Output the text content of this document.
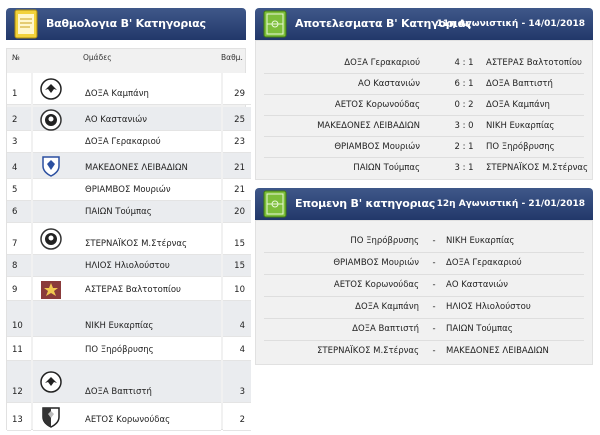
Βαθμολογια Β' Κατηγοριας
№	Ομάδες	Βαθμ.
1	ΔΟΞΑ Καμπάνη	29
2	ΑΟ Καστανιών	25
3	ΔΟΞΑ Γερακαριού	23
4	ΜΑΚΕΔΟΝΕΣ ΛΕΙΒΑΔΙΩΝ	21
5	ΘΡΙΑΜΒΟΣ Μουριών	21
6	ΠΑΙΩΝ Τούμπας	20
7	ΣΤΕΡΝΑΪΚΟΣ Μ.Στέρνας	15
8	ΗΛΙΟΣ Ηλιολούστου	15
9	ΑΣΤΕΡΑΣ Βαλτοτοπίου	10
10	ΝΙΚΗ Ευκαρπίας	4
11	ΠΟ Ξηρόβρυσης	4
12	ΔΟΞΑ Βαπτιστή	3
13	ΑΕΤΟΣ Κορωνούδας	2
Αποτελεσματα Β' Κατηγοριας
11η Αγωνιστική - 14/01/2018
ΔΟΞΑ Γερακαριού	4 : 1	ΑΣΤΕΡΑΣ Βαλτοτοπίου
ΑΟ Καστανιών	6 : 1	ΔΟΞΑ Βαπτιστή
ΑΕΤΟΣ Κορωνούδας	0 : 2	ΔΟΞΑ Καμπάνη
ΜΑΚΕΔΟΝΕΣ ΛΕΙΒΑΔΙΩΝ	3 : 0	ΝΙΚΗ Ευκαρπίας
ΘΡΙΑΜΒΟΣ Μουριών	2 : 1	ΠΟ Ξηρόβρυσης
ΠΑΙΩΝ Τούμπας	3 : 1	ΣΤΕΡΝΑΪΚΟΣ Μ.Στέρνας
Επομενη Β' κατηγοριας 12η Αγωνιστική - 21/01/2018
ΠΟ Ξηρόβρυσης	-	ΝΙΚΗ Ευκαρπίας
ΘΡΙΑΜΒΟΣ Μουριών	-	ΔΟΞΑ Γερακαριού
ΑΕΤΟΣ Κορωνούδας	-	ΑΟ Καστανιών
ΔΟΞΑ Καμπάνη	-	ΗΛΙΟΣ Ηλιολούστου
ΔΟΞΑ Βαπτιστή	-	ΠΑΙΩΝ Τούμπας
ΣΤΕΡΝΑΪΚΟΣ Μ.Στέρνας	-	ΜΑΚΕΔΟΝΕΣ ΛΕΙΒΑΔΙΩΝ
